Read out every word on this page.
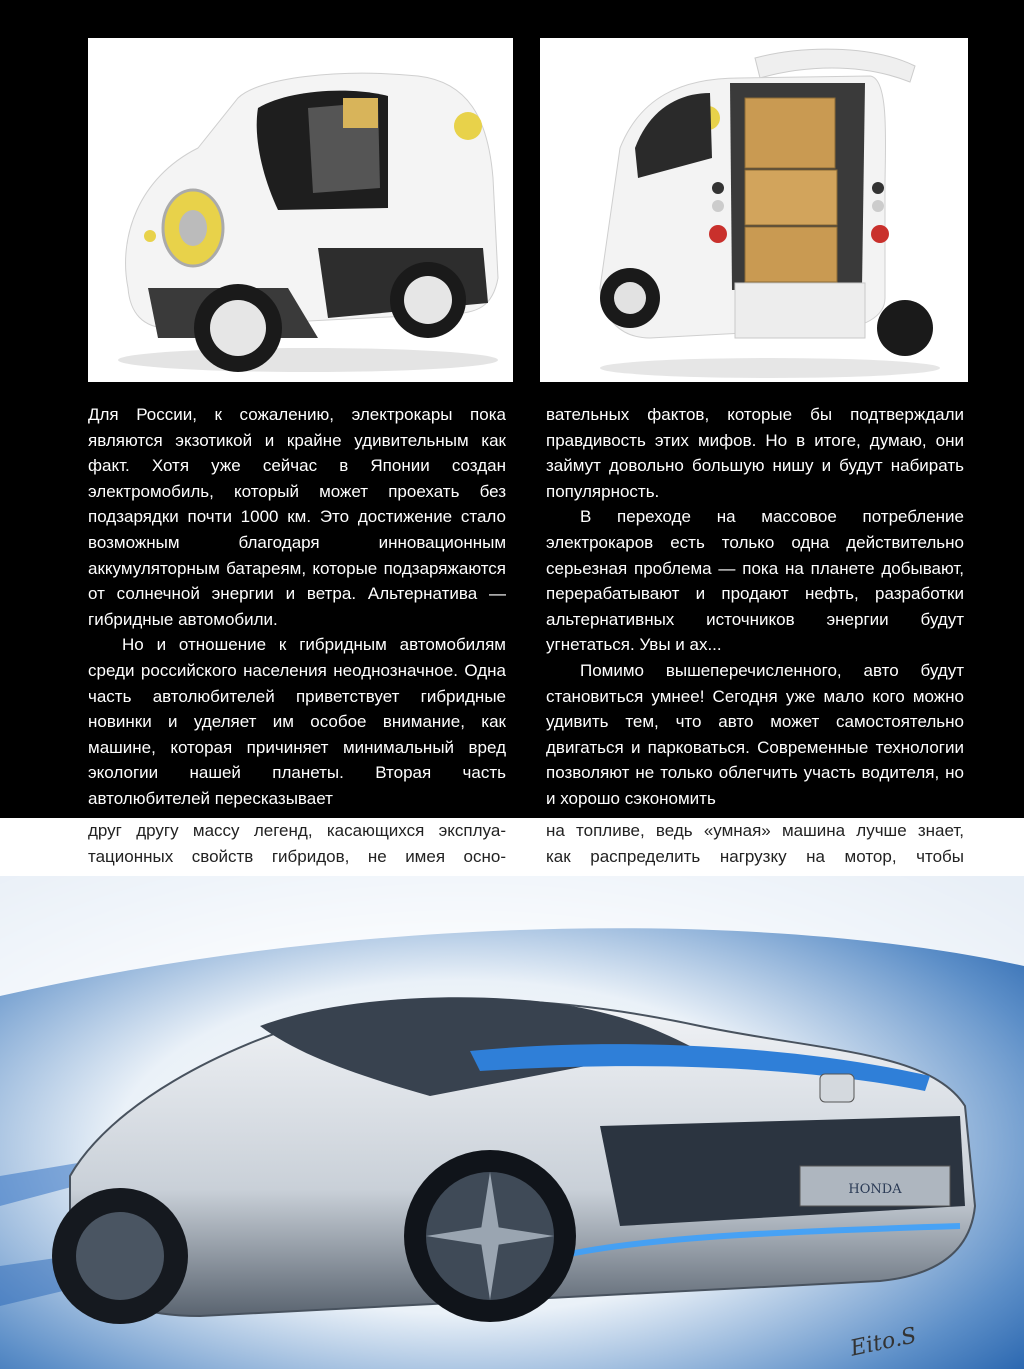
Для России, к сожалению, электрокары пока являются экзотикой и крайне удивительным как факт. Хотя уже сейчас в Японии создан электромобиль, который может проехать без подзарядки почти 1000 км. Это достижение стало возможным благодаря инновационным аккумуляторным батареям, которые подзаряжаются от солнечной энергии и ветра. Альтернатива — гибридные автомобили.

Но и отношение к гибридным автомобилям среди российского населения неоднозначное. Одна часть автолюбителей приветствует гибридные новинки и уделяет им особое внимание, как машине, которая причиняет минимальный вред экологии нашей планеты. Вторая часть автолюбителей пересказывает

вательных фактов, которые бы подтверждали правдивость этих мифов. Но в итоге, думаю, они займут довольно большую нишу и будут набирать популярность.

В переходе на массовое потребление электрокаров есть только одна действительно серьезная проблема — пока на планете добывают, перерабатывают и продают нефть, разработки альтернативных источников энергии будут угнетаться. Увы и ах...

Помимо вышеперечисленного, авто будут становиться умнее! Сегодня уже мало кого можно удивить тем, что авто может самостоятельно двигаться и парковаться. Современные технологии позволяют не только облегчить участь водителя, но и хорошо сэкономить

друг другу массу легенд, касающихся эксплуа-

тационных свойств гибридов, не имея осно-

на топливе, ведь «умная» машина лучше знает,

как распределить нагрузку на мотор, чтобы

HONDA
Eito.S
